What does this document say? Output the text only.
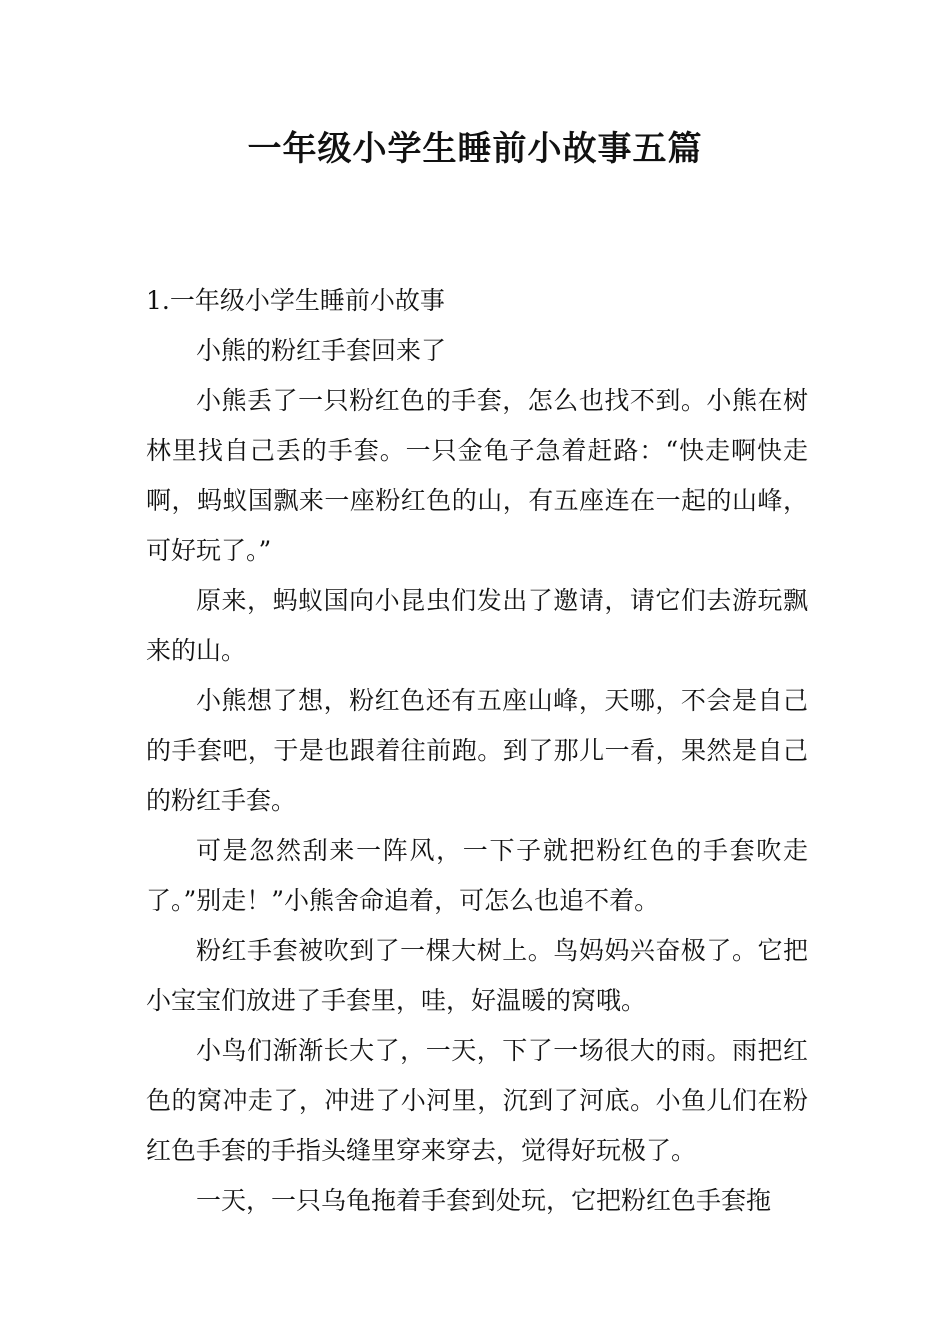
一年级小学生睡前小故事五篇

1.一年级小学生睡前小故事

小熊的粉红手套回来了

小熊丢了一只粉红色的手套，怎么也找不到。小熊在树林里找自己丢的手套。一只金龟子急着赶路：“快走啊快走啊，蚂蚁国飘来一座粉红色的山，有五座连在一起的山峰，可好玩了。”

原来，蚂蚁国向小昆虫们发出了邀请，请它们去游玩飘来的山。

小熊想了想，粉红色还有五座山峰，天哪，不会是自己的手套吧，于是也跟着往前跑。到了那儿一看，果然是自己的粉红手套。

可是忽然刮来一阵风，一下子就把粉红色的手套吹走了。”别走！”小熊舍命追着，可怎么也追不着。

粉红手套被吹到了一棵大树上。鸟妈妈兴奋极了。它把小宝宝们放进了手套里，哇，好温暖的窝哦。

小鸟们渐渐长大了，一天，下了一场很大的雨。雨把红色的窝冲走了，冲进了小河里，沉到了河底。小鱼儿们在粉红色手套的手指头缝里穿来穿去，觉得好玩极了。

一天，一只乌龟拖着手套到处玩，它把粉红色手套拖
